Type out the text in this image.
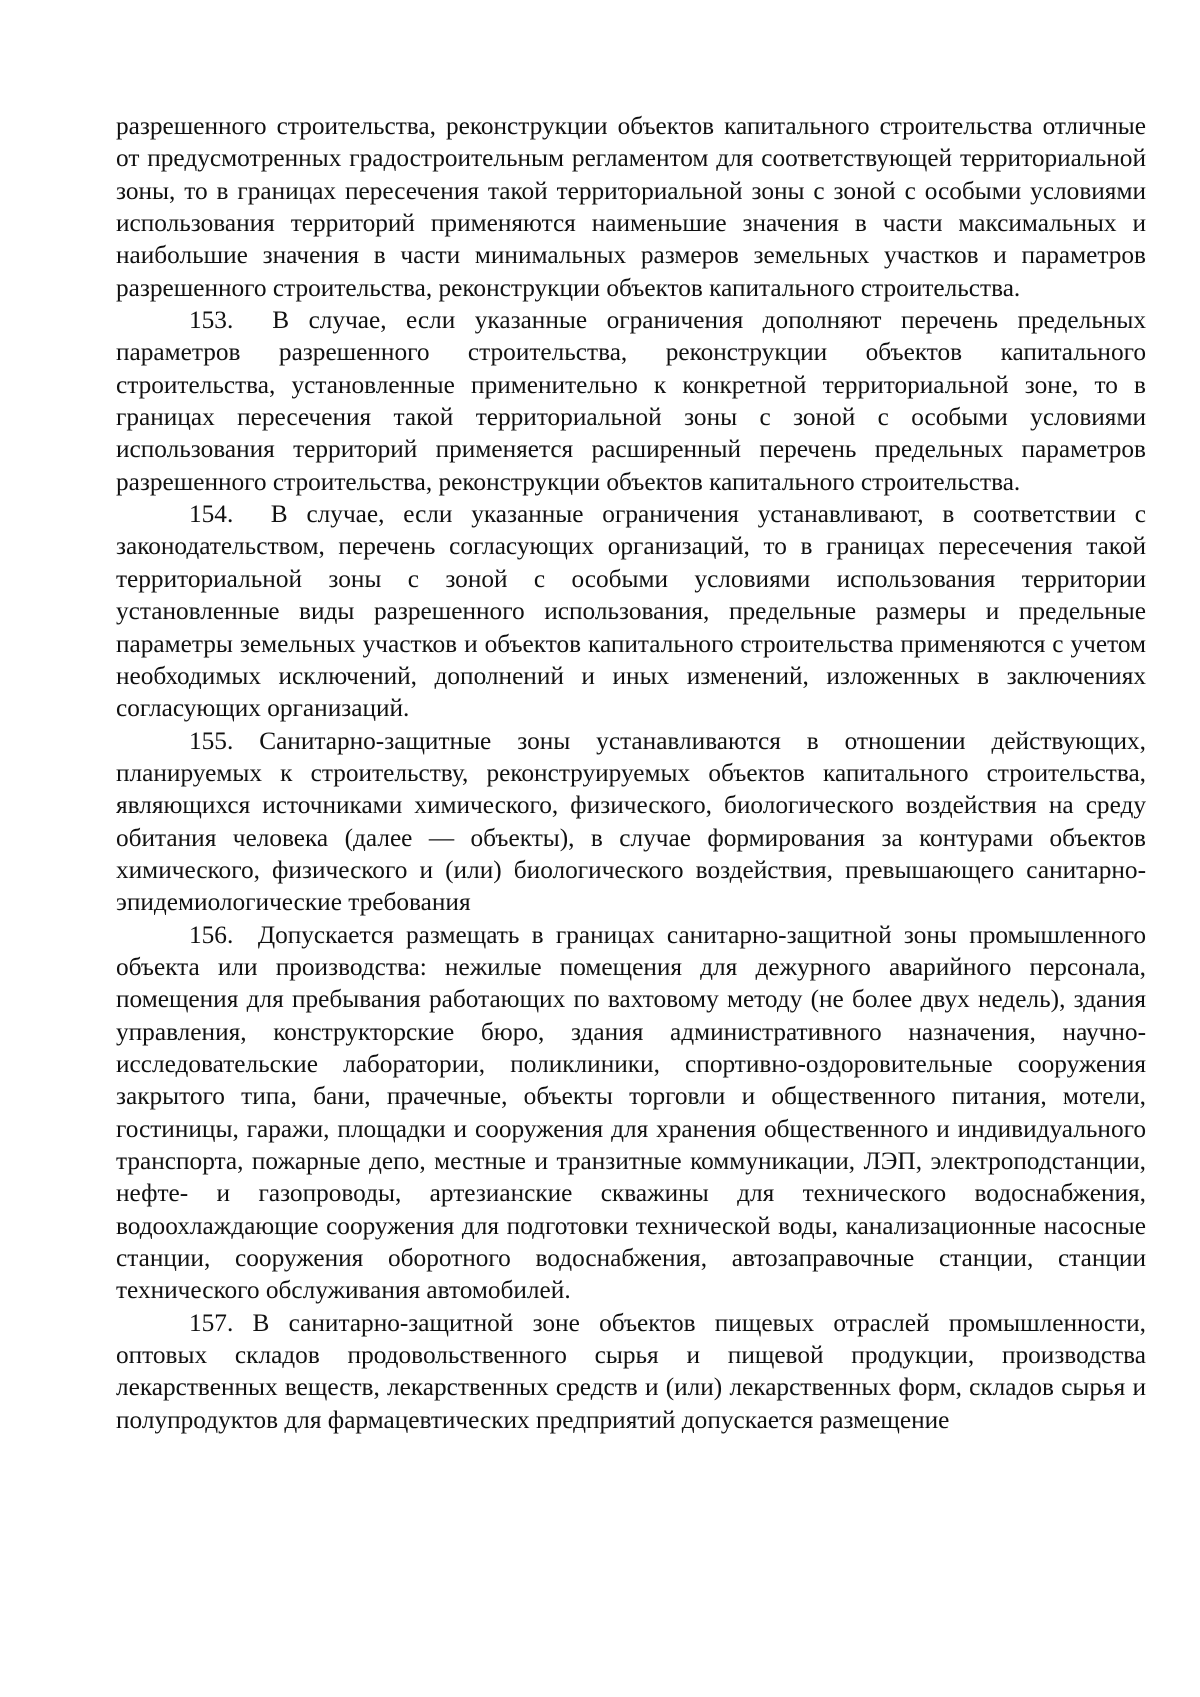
разрешенного строительства, реконструкции объектов капитального строительства отличные от предусмотренных градостроительным регламентом для соответствующей территориальной зоны, то в границах пересечения такой территориальной зоны с зоной с особыми условиями использования территорий применяются наименьшие значения в части максимальных и наибольшие значения в части минимальных размеров земельных участков и параметров разрешенного строительства, реконструкции объектов капитального строительства.

153.  В случае, если указанные ограничения дополняют перечень предельных параметров разрешенного строительства, реконструкции объектов капитального строительства, установленные применительно к конкретной территориальной зоне, то в границах пересечения такой территориальной зоны с зоной с особыми условиями использования территорий применяется расширенный перечень предельных параметров разрешенного строительства, реконструкции объектов капитального строительства.

154.  В случае, если указанные ограничения устанавливают, в соответствии с законодательством, перечень согласующих организаций, то в границах пересечения такой территориальной зоны с зоной с особыми условиями использования территории установленные виды разрешенного использования, предельные размеры и предельные параметры земельных участков и объектов капитального строительства применяются с учетом необходимых исключений, дополнений и иных изменений, изложенных в заключениях согласующих организаций.

155. Санитарно-защитные зоны устанавливаются в отношении действующих, планируемых к строительству, реконструируемых объектов капитального строительства, являющихся источниками химического, физического, биологического воздействия на среду обитания человека (далее — объекты), в случае формирования за контурами объектов химического, физического и (или) биологического воздействия, превышающего санитарно-эпидемиологические требования

156.  Допускается размещать в границах санитарно-защитной зоны промышленного объекта или производства: нежилые помещения для дежурного аварийного персонала, помещения для пребывания работающих по вахтовому методу (не более двух недель), здания управления, конструкторские бюро, здания административного назначения, научно-исследовательские лаборатории, поликлиники, спортивно-оздоровительные сооружения закрытого типа, бани, прачечные, объекты торговли и общественного питания, мотели, гостиницы, гаражи, площадки и сооружения для хранения общественного и индивидуального транспорта, пожарные депо, местные и транзитные коммуникации, ЛЭП, электроподстанции, нефте- и газопроводы, артезианские скважины для технического водоснабжения, водоохлаждающие сооружения для подготовки технической воды, канализационные насосные станции, сооружения оборотного водоснабжения, автозаправочные станции, станции технического обслуживания автомобилей.

157. В санитарно-защитной зоне объектов пищевых отраслей промышленности, оптовых складов продовольственного сырья и пищевой продукции, производства лекарственных веществ, лекарственных средств и (или) лекарственных форм, складов сырья и полупродуктов для фармацевтических предприятий допускается размещение
